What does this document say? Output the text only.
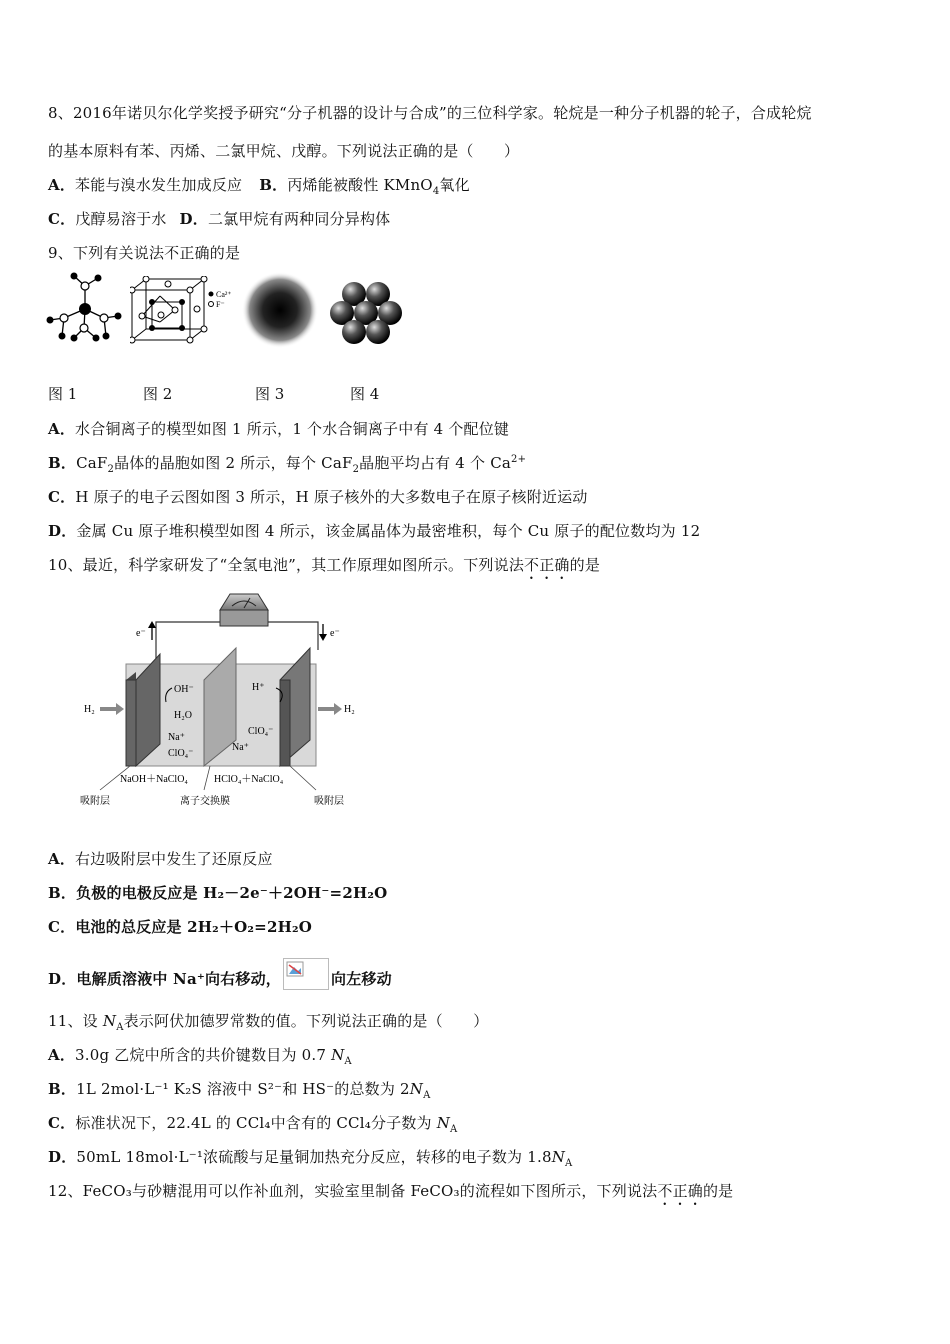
8、2016年诺贝尔化学奖授予研究“分子机器的设计与合成”的三位科学家。轮烷是一种分子机器的轮子，合成轮烷
的基本原料有苯、丙烯、二氯甲烷、戊醇。下列说法正确的是（　　）
A．苯能与溴水发生加成反应 B．丙烯能被酸性 KMnO$_4$氧化
C．戊醇易溶于水 D．二氯甲烷有两种同分异构体
9、下列有关说法不正确的是
Ca²⁺
F⁻
图 1	图 2	图 3	图 4
A．水合铜离子的模型如图 1 所示，1 个水合铜离子中有 4 个配位键
B．CaF$_2$晶体的晶胞如图 2 所示，每个 CaF$_2$晶胞平均占有 4 个 $Ca^{2+}$
C．H 原子的电子云图如图 3 所示，H 原子核外的大多数电子在原子核附近运动
D．金属 Cu 原子堆积模型如图 4 所示，该金属晶体为最密堆积，每个 Cu 原子的配位数均为 12
10、最近，科学家研发了“全氢电池”，其工作原理如图所示。下列说法不正确的是
e⁻	e⁻
H₂	H₂
OH⁻
H₂O
Na⁺
ClO₄⁻
H⁺
ClO₄⁻
Na⁺
NaOH＋NaClO₄	HClO₄＋NaClO₄
吸附层	离子交换膜	吸附层
A．右边吸附层中发生了还原反应
B．负极的电极反应是 H₂－2e⁻＋2OH⁻=2H₂O
C．电池的总反应是 2H₂＋O₂=2H₂O
D．电解质溶液中 Na⁺向右移动，	向左移动
11、设 $N_A$表示阿伏加德罗常数的值。下列说法正确的是（　　）
A．3.0g 乙烷中所含的共价键数目为 0.7 $N_A$
B．1L 2mol·L⁻¹ K₂S 溶液中 S²⁻和 HS⁻的总数为 $2N_A$
C．标准状况下，22.4L 的 CCl₄中含有的 CCl₄分子数为 $N_A$
D．50mL 18mol·L⁻¹浓硫酸与足量铜加热充分反应，转移的电子数为 $1.8N_A$
12、FeCO₃与砂糖混用可以作补血剂，实验室里制备 FeCO₃的流程如下图所示，下列说法不正确的是
